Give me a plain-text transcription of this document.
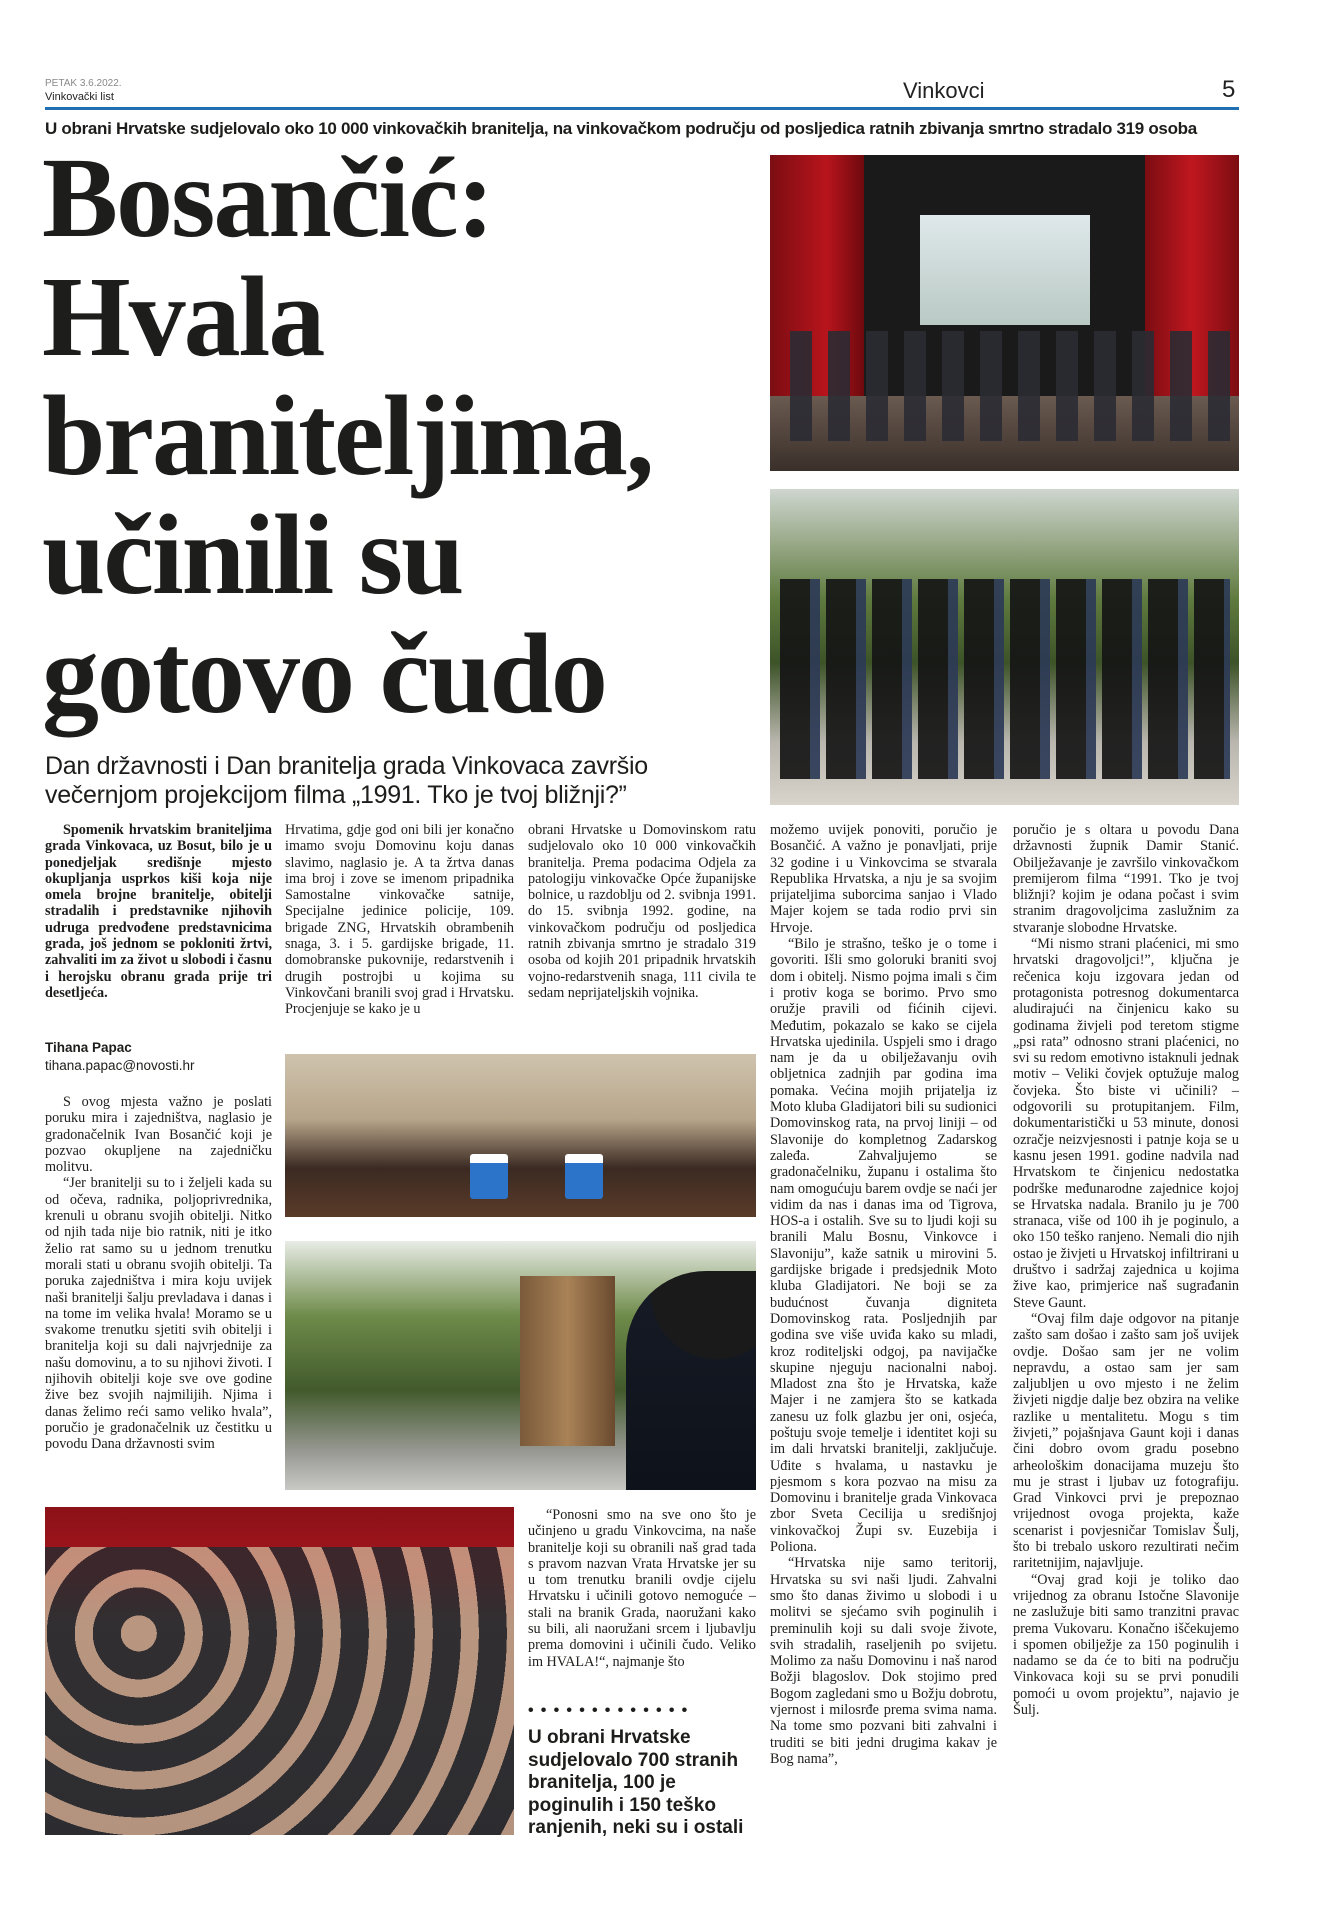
PETAK 3.6.2022.
Vinkovački list	Vinkovci	5
U obrani Hrvatske sudjelovalo oko 10 000 vinkovačkih branitelja, na vinkovačkom području od posljedica ratnih zbivanja smrtno stradalo 319 osoba
Bosančić:
Hvala
braniteljima,
učinili su
gotovo čudo

Dan državnosti i Dan branitelja grada Vinkovaca završio večernjom projekcijom filma „1991. Tko je tvoj bližnji?”

Spomenik hrvatskim braniteljima grada Vinkovaca, uz Bosut, bilo je u ponedjeljak središnje mjesto okupljanja usprkos kiši koja nije omela brojne branitelje, obitelji stradalih i predstavnike njihovih udruga predvođene predstavnicima grada, još jednom se pokloniti žrtvi, zahvaliti im za život u slobodi i časnu i herojsku obranu grada prije tri desetljeća.

Tihana Papac
tihana.papac@novosti.hr

S ovog mjesta važno je poslati poruku mira i zajedništva, naglasio je gradonačelnik Ivan Bosančić koji je pozvao okupljene na zajedničku molitvu.

“Jer branitelji su to i željeli kada su od očeva, radnika, poljoprivrednika, krenuli u obranu svojih obitelji. Nitko od njih tada nije bio ratnik, niti je itko želio rat samo su u jednom trenutku morali stati u obranu svojih obitelji. Ta poruka zajedništva i mira koju uvijek naši branitelji šalju prevladava i danas i na tome im velika hvala! Moramo se u svakome trenutku sjetiti svih obitelji i branitelja koji su dali najvrjednije za našu domovinu, a to su njihovi životi. I njihovih obitelji koje sve ove godine žive bez svojih najmilijih. Njima i danas želimo reći samo veliko hvala”, poručio je gradonačelnik uz čestitku u povodu Dana državnosti svim

Hrvatima, gdje god oni bili jer konačno imamo svoju Domovinu koju danas slavimo, naglasio je. A ta žrtva danas ima broj i zove se imenom pripadnika Samostalne vinkovačke satnije, Specijalne jedinice policije, 109. brigade ZNG, Hrvatskih obrambenih snaga, 3. i 5. gardijske brigade, 11. domobranske pukovnije, redarstvenih i drugih postrojbi u kojima su Vinkovčani branili svoj grad i Hrvatsku. Procjenjuje se kako je u

obrani Hrvatske u Domovinskom ratu sudjelovalo oko 10 000 vinkovačkih branitelja. Prema podacima Odjela za patologiju vinkovačke Opće županijske bolnice, u razdoblju od 2. svibnja 1991. do 15. svibnja 1992. godine, na vinkovačkom području od posljedica ratnih zbivanja smrtno je stradalo 319 osoba od kojih 201 pripadnik hrvatskih vojno-redarstvenih snaga, 111 civila te sedam neprijateljskih vojnika.

“Ponosni smo na sve ono što je učinjeno u gradu Vinkovcima, na naše branitelje koji su obranili naš grad tada s pravom nazvan Vrata Hrvatske jer su u tom trenutku branili ovdje cijelu Hrvatsku i učinili gotovo nemoguće – stali na branik Grada, naoružani kako su bili, ali naoružani srcem i ljubavlju prema domovini i učinili čudo. Veliko im HVALA!“, najmanje što

•••••••••••••
U obrani Hrvatske sudjelovalo 700 stranih branitelja, 100 je poginulih i 150 teško ranjenih, neki su i ostali

možemo uvijek ponoviti, poručio je Bosančić. A važno je ponavljati, prije 32 godine i u Vinkovcima se stvarala Republika Hrvatska, a nju je sa svojim prijateljima suborcima sanjao i Vlado Majer kojem se tada rodio prvi sin Hrvoje.

“Bilo je strašno, teško je o tome i govoriti. Išli smo goloruki braniti svoj dom i obitelj. Nismo pojma imali s čim i protiv koga se borimo. Prvo smo oružje pravili od fićinih cijevi. Međutim, pokazalo se kako se cijela Hrvatska ujedinila. Uspjeli smo i drago nam je da u obilježavanju ovih obljetnica zadnjih par godina ima pomaka. Većina mojih prijatelja iz Moto kluba Gladijatori bili su sudionici Domovinskog rata, na prvoj liniji – od Slavonije do kompletnog Zadarskog zaleđa. Zahvaljujemo se gradonačelniku, županu i ostalima što nam omogućuju barem ovdje se naći jer vidim da nas i danas ima od Tigrova, HOS-a i ostalih. Sve su to ljudi koji su branili Malu Bosnu, Vinkovce i Slavoniju”, kaže satnik u mirovini 5. gardijske brigade i predsjednik Moto kluba Gladijatori. Ne boji se za budućnost čuvanja digniteta Domovinskog rata. Posljednjih par godina sve više uviđa kako su mladi, kroz roditeljski odgoj, pa navijačke skupine njeguju nacionalni naboj. Mladost zna što je Hrvatska, kaže Majer i ne zamjera što se katkada zanesu uz folk glazbu jer oni, osjeća, poštuju svoje temelje i identitet koji su im dali hrvatski branitelji, zaključuje. Uđite s hvalama, u nastavku je pjesmom s kora pozvao na misu za Domovinu i branitelje grada Vinkovaca zbor Sveta Cecilija u središnjoj vinkovačkoj Župi sv. Euzebija i Poliona.

“Hrvatska nije samo teritorij, Hrvatska su svi naši ljudi. Zahvalni smo što danas živimo u slobodi i u molitvi se sjećamo svih poginulih i preminulih koji su dali svoje živote, svih stradalih, raseljenih po svijetu. Molimo za našu Domovinu i naš narod Božji blagoslov. Dok stojimo pred Bogom zagledani smo u Božju dobrotu, vjernost i milosrđe prema svima nama. Na tome smo pozvani biti zahvalni i truditi se biti jedni drugima kakav je Bog nama”,

poručio je s oltara u povodu Dana državnosti župnik Damir Stanić. Obilježavanje je završilo vinkovačkom premijerom filma “1991. Tko je tvoj bližnji? kojim je odana počast i svim stranim dragovoljcima zaslužnim za stvaranje slobodne Hrvatske.

“Mi nismo strani plaćenici, mi smo hrvatski dragovoljci!”, ključna je rečenica koju izgovara jedan od protagonista potresnog dokumentarca aludirajući na činjenicu kako su godinama živjeli pod teretom stigme „psi rata” odnosno strani plaćenici, no svi su redom emotivno istaknuli jednak motiv – Veliki čovjek optužuje malog čovjeka. Što biste vi učinili? – odgovorili su protupitanjem. Film, dokumentaristički u 53 minute, donosi ozračje neizvjesnosti i patnje koja se u kasnu jesen 1991. godine nadvila nad Hrvatskom te činjenicu nedostatka podrške međunarodne zajednice kojoj se Hrvatska nadala. Branilo ju je 700 stranaca, više od 100 ih je poginulo, a oko 150 teško ranjeno. Nemali dio njih ostao je živjeti u Hrvatskoj infiltrirani u društvo i sadržaj zajednica u kojima žive kao, primjerice naš sugrađanin Steve Gaunt.

“Ovaj film daje odgovor na pitanje zašto sam došao i zašto sam još uvijek ovdje. Došao sam jer ne volim nepravdu, a ostao sam jer sam zaljubljen u ovo mjesto i ne želim živjeti nigdje dalje bez obzira na velike razlike u mentalitetu. Mogu s tim živjeti,” pojašnjava Gaunt koji i danas čini dobro ovom gradu posebno arheološkim donacijama muzeju što mu je strast i ljubav uz fotografiju. Grad Vinkovci prvi je prepoznao vrijednost ovoga projekta, kaže scenarist i povjesničar Tomislav Šulj, što bi trebalo uskoro rezultirati nečim raritetnijim, najavljuje.

“Ovaj grad koji je toliko dao vrijednog za obranu Istočne Slavonije ne zaslužuje biti samo tranzitni pravac prema Vukovaru. Konačno iščekujemo i spomen obilježje za 150 poginulih i nadamo se da će to biti na području Vinkovaca koji su se prvi ponudili pomoći u ovom projektu”, najavio je Šulj.
